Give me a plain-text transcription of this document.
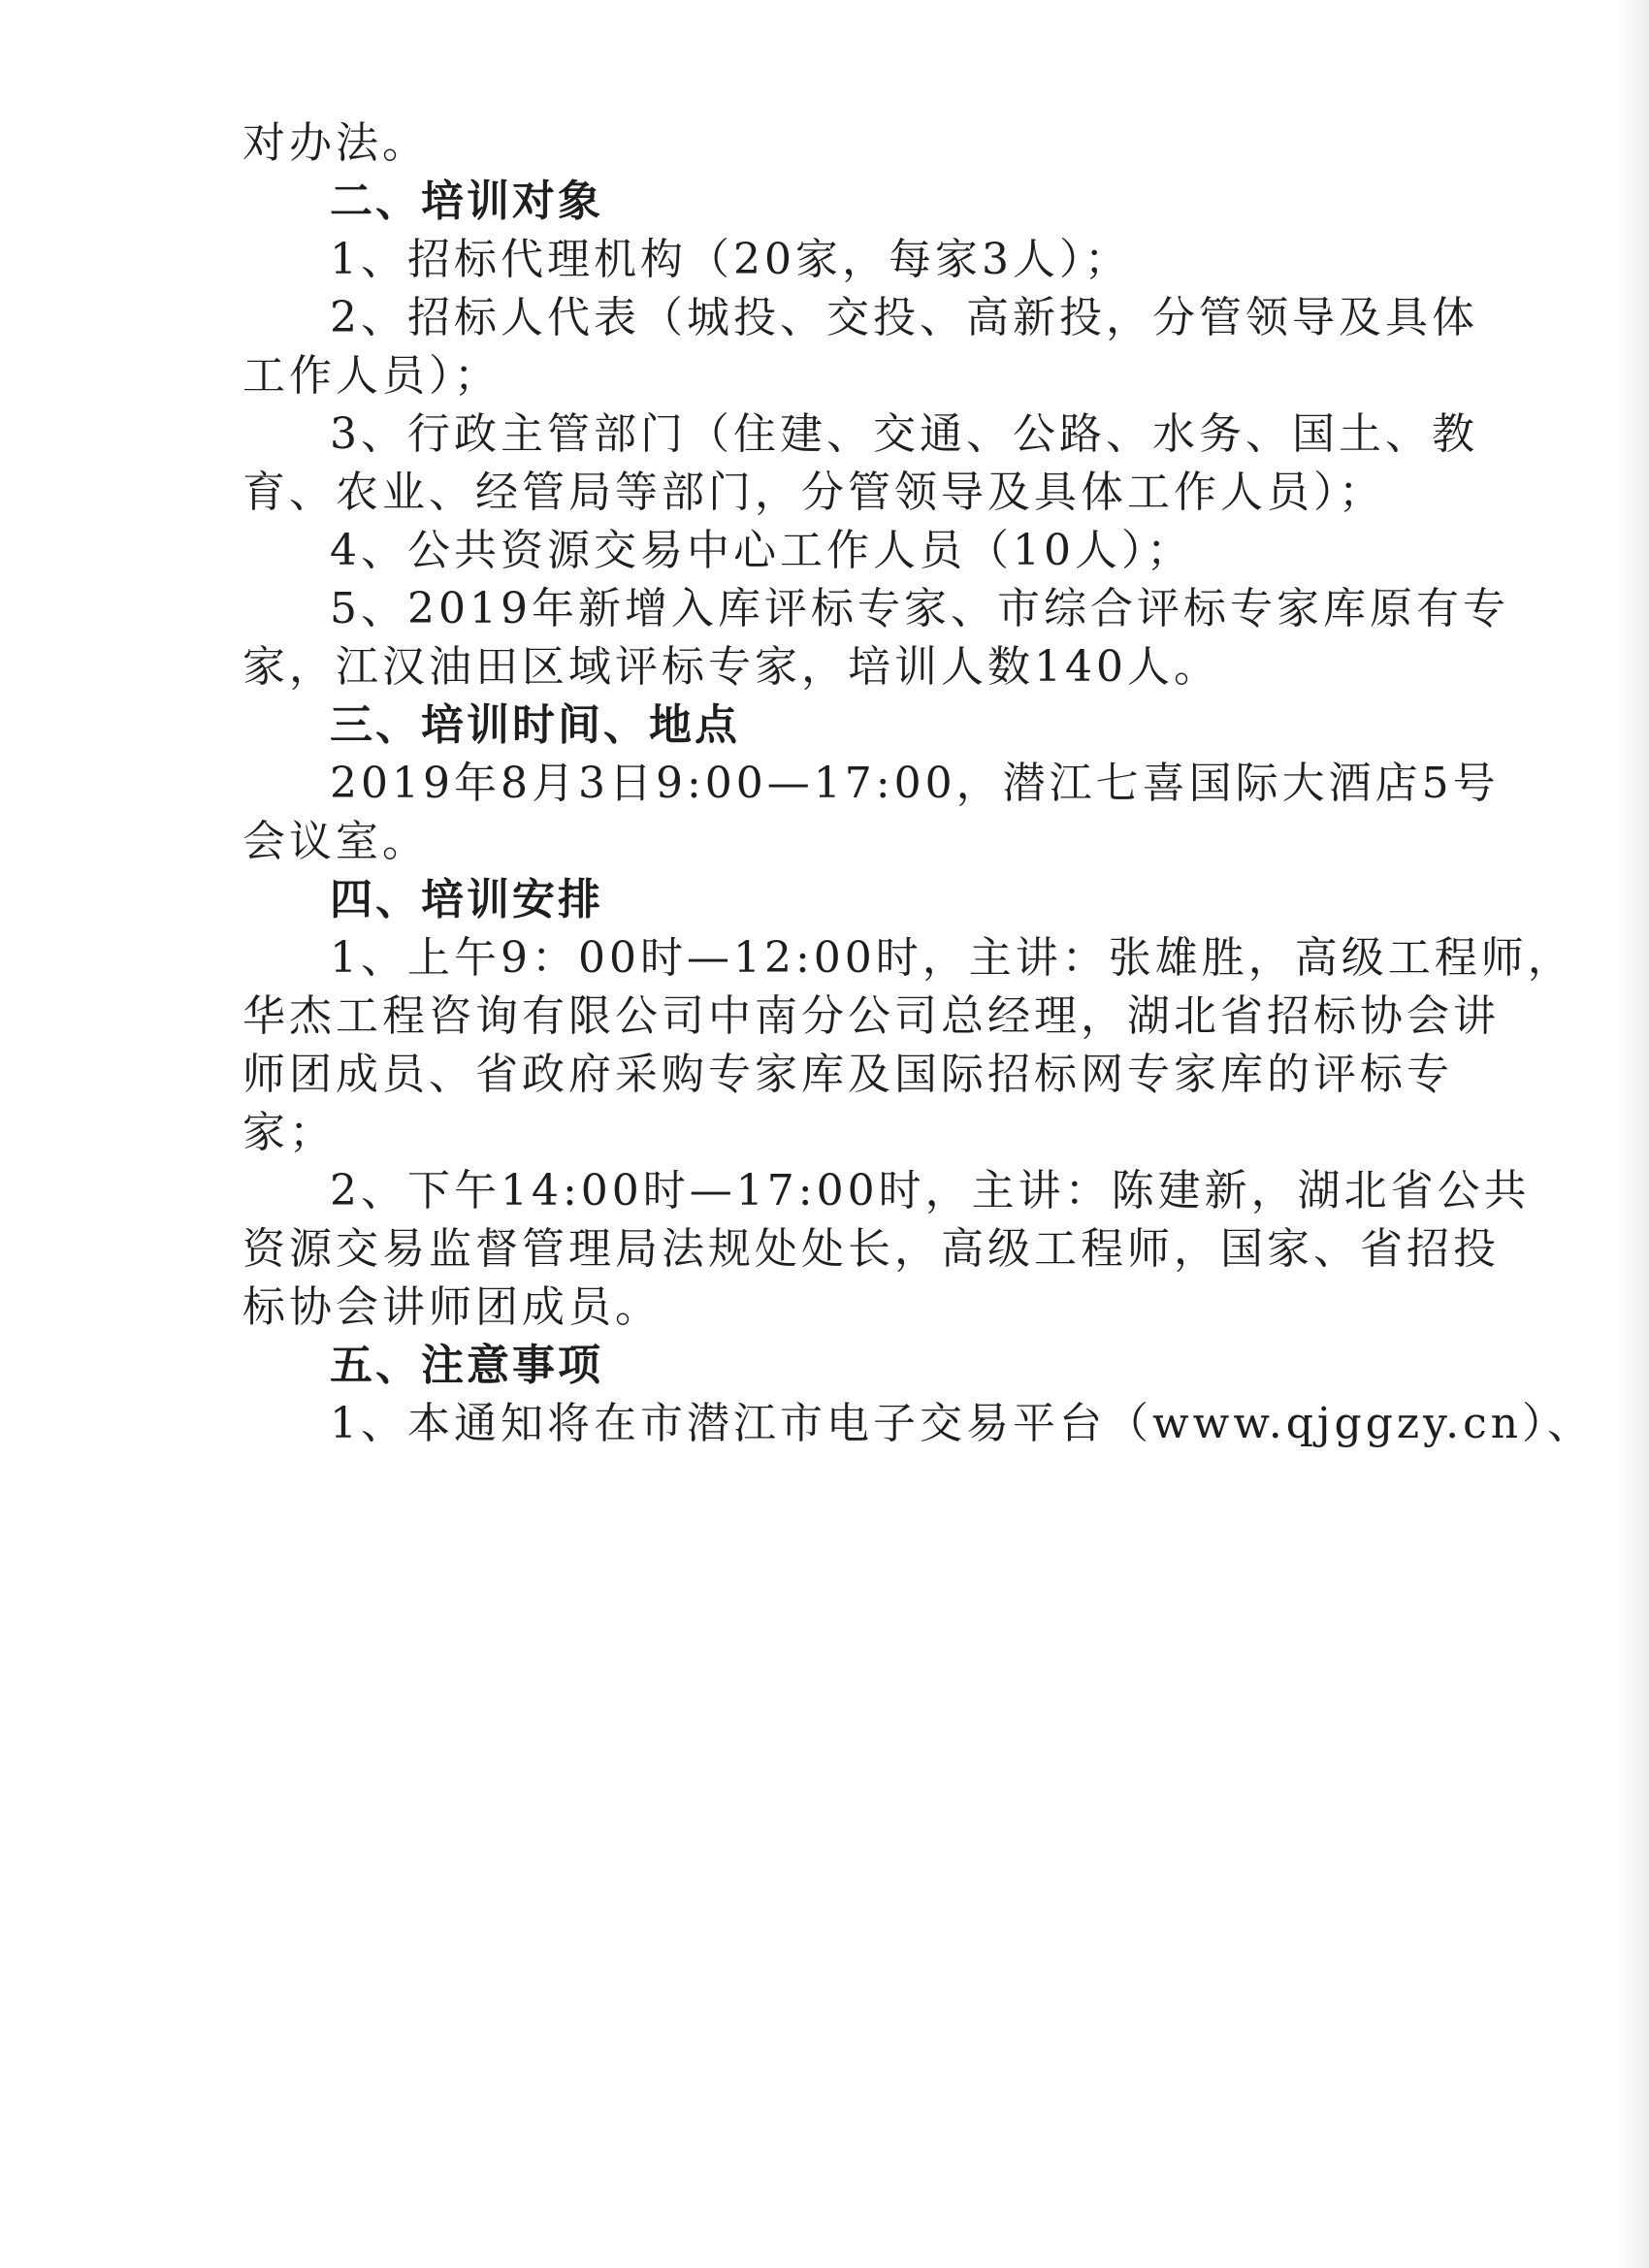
对办法。
二、培训对象
1、招标代理机构（20家，每家3人）；
2、招标人代表（城投、交投、高新投，分管领导及具体
工作人员）；
3、行政主管部门（住建、交通、公路、水务、国土、教
育、农业、经管局等部门，分管领导及具体工作人员）；
4、公共资源交易中心工作人员（10人）；
5、2019年新增入库评标专家、市综合评标专家库原有专
家，江汉油田区域评标专家，培训人数140人。
三、培训时间、地点
2019年8月3日9:00—17:00，潜江七喜国际大酒店5号
会议室。
四、培训安排
1、上午9：00时—12:00时，主讲：张雄胜，高级工程师，
华杰工程咨询有限公司中南分公司总经理，湖北省招标协会讲
师团成员、省政府采购专家库及国际招标网专家库的评标专
家；
2、下午14:00时—17:00时，主讲：陈建新，湖北省公共
资源交易监督管理局法规处处长，高级工程师，国家、省招投
标协会讲师团成员。
五、注意事项
1、本通知将在市潜江市电子交易平台（www.qjggzy.cn）、
